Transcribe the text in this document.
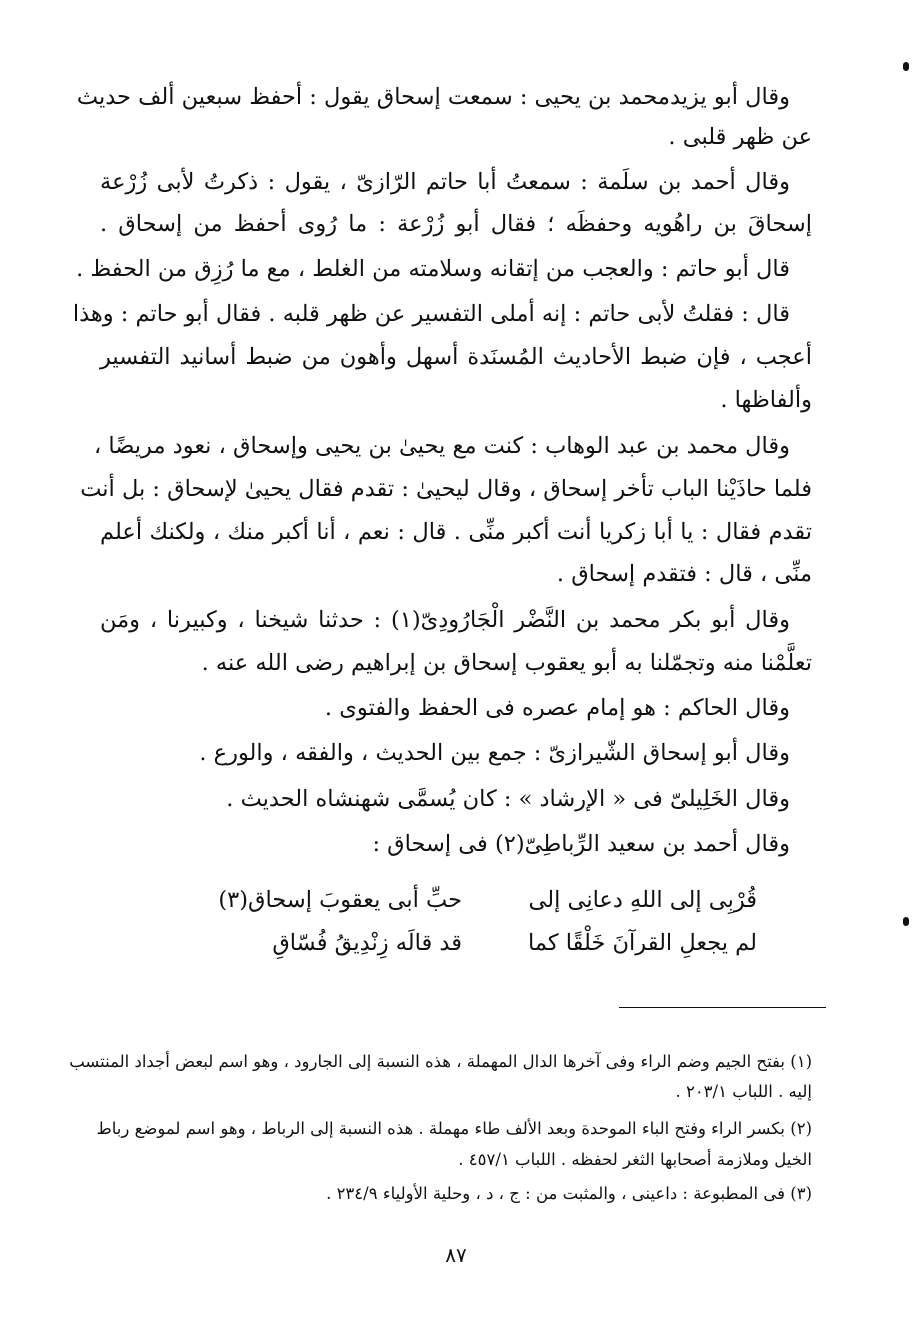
وقال أبو يزيدمحمد بن يحيى : سمعت إسحاق يقول : أحفظ سبعين ألف حديث
عن ظهر قلبى .
وقال أحمد بن سلَمة : سمعتُ أبا حاتم الرّازىّ ، يقول : ذكرتُ لأبى زُرْعة
إسحاقَ بن راهُويه وحفظَه ؛ فقال أبو زُرْعة : ما رُوى أحفظ من إسحاق .
قال أبو حاتم : والعجب من إتقانه وسلامته من الغلط ، مع ما رُزِق من الحفظ .
قال : فقلتُ لأبى حاتم : إنه أملى التفسير عن ظهر قلبه . فقال أبو حاتم : وهذا
أعجب ، فإن ضبط الأحاديث المُسنَدة أسهل وأهون من ضبط أسانيد التفسير
وألفاظها .
وقال محمد بن عبد الوهاب : كنت مع يحيىٰ بن يحيى وإسحاق ، نعود مريضًا ،
فلما حاذَيْنا الباب تأخر إسحاق ، وقال ليحيىٰ : تقدم فقال يحيىٰ لإسحاق : بل أنت
تقدم فقال : يا أبا زكريا أنت أكبر منِّى . قال : نعم ، أنا أكبر منك ، ولكنك أعلم
منِّى ، قال : فتقدم إسحاق .
وقال أبو بكر محمد بن النَّضْر الْجَارُودِىّ(١) : حدثنا شيخنا ، وكبيرنا ، ومَن
تعلَّمْنا منه وتجمّلنا به أبو يعقوب إسحاق بن إبراهيم رضى الله عنه .
وقال الحاكم : هو إمام عصره فى الحفظ والفتوى .
وقال أبو إسحاق الشّيرازىّ : جمع بين الحديث ، والفقه ، والورع .
وقال الخَلِيلىّ فى « الإرشاد » : كان يُسمَّى شهنشاه الحديث .
وقال أحمد بن سعيد الرِّباطِىّ(٢) فى إسحاق :
قُرْبِى إلى اللهِ دعانِى إلى
حبِّ أبى يعقوبَ إسحاق(٣)
لم يجعلِ القرآنَ خَلْقًا كما
قد قالَه زِنْدِيقُ فُسّاقِ
(١) بفتح الجيم وضم الراء وفى آخرها الدال المهملة ، هذه النسبة إلى الجارود ، وهو اسم لبعض أجداد المنتسب
إليه . اللباب ٢٠٣/١ .
(٢) بكسر الراء وفتح الباء الموحدة وبعد الألف طاء مهملة . هذه النسبة إلى الرباط ، وهو اسم لموضع رباط
الخيل وملازمة أصحابها الثغر لحفظه . اللباب ٤٥٧/١ .
(٣) فى المطبوعة : داعينى ، والمثبت من : ج ، د ، وحلية الأولياء ٢٣٤/٩ .
٨٧
